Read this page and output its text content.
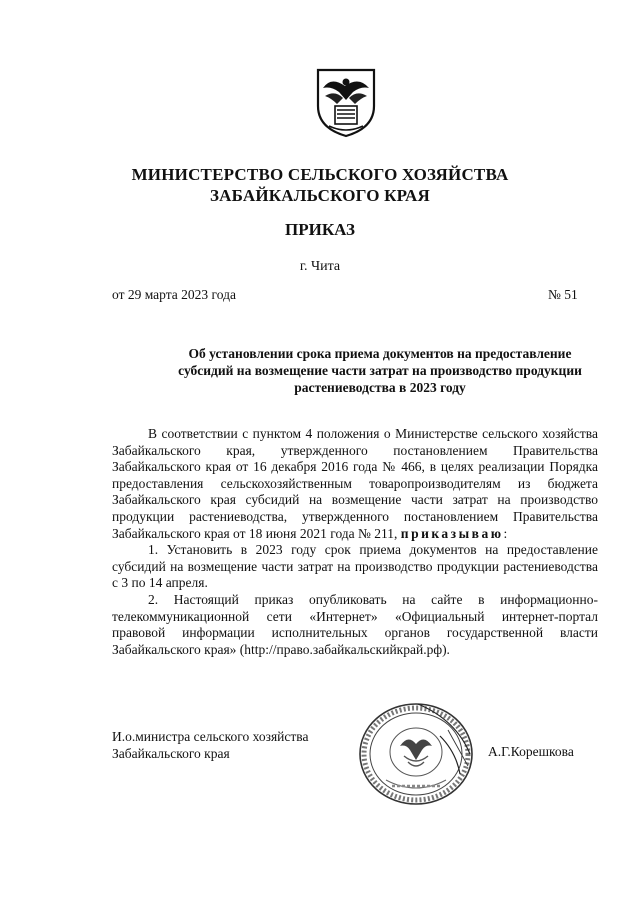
МИНИСТЕРСТВО СЕЛЬСКОГО ХОЗЯЙСТВА
ЗАБАЙКАЛЬСКОГО КРАЯ
ПРИКАЗ
г. Чита
от 29 марта 2023 года	№ 51
Об установлении срока приема документов на предоставление
субсидий на возмещение части затрат на производство продукции
растениеводства в 2023 году

В соответствии с пунктом 4 положения о Министерстве сельского хозяйства Забайкальского края, утвержденного постановлением Правительства Забайкальского края от 16 декабря 2016 года № 466, в целях реализации Порядка предоставления сельскохозяйственным товаропроизводителям из бюджета Забайкальского края субсидий на возмещение части затрат на производство продукции растениеводства, утвержденного постановлением Правительства Забайкальского края от 18 июня 2021 года № 211, приказываю:

1. Установить в 2023 году срок приема документов на предоставление субсидий на возмещение части затрат на производство продукции растениеводства с 3 по 14 апреля.

2. Настоящий приказ опубликовать на сайте в информационно-телекоммуникационной сети «Интернет» «Официальный интернет-портал правовой информации исполнительных органов государственной власти Забайкальского края» (http://право.забайкальскийкрай.рф).

И.о.министра сельского хозяйства
Забайкальского края	А.Г.Корешкова
